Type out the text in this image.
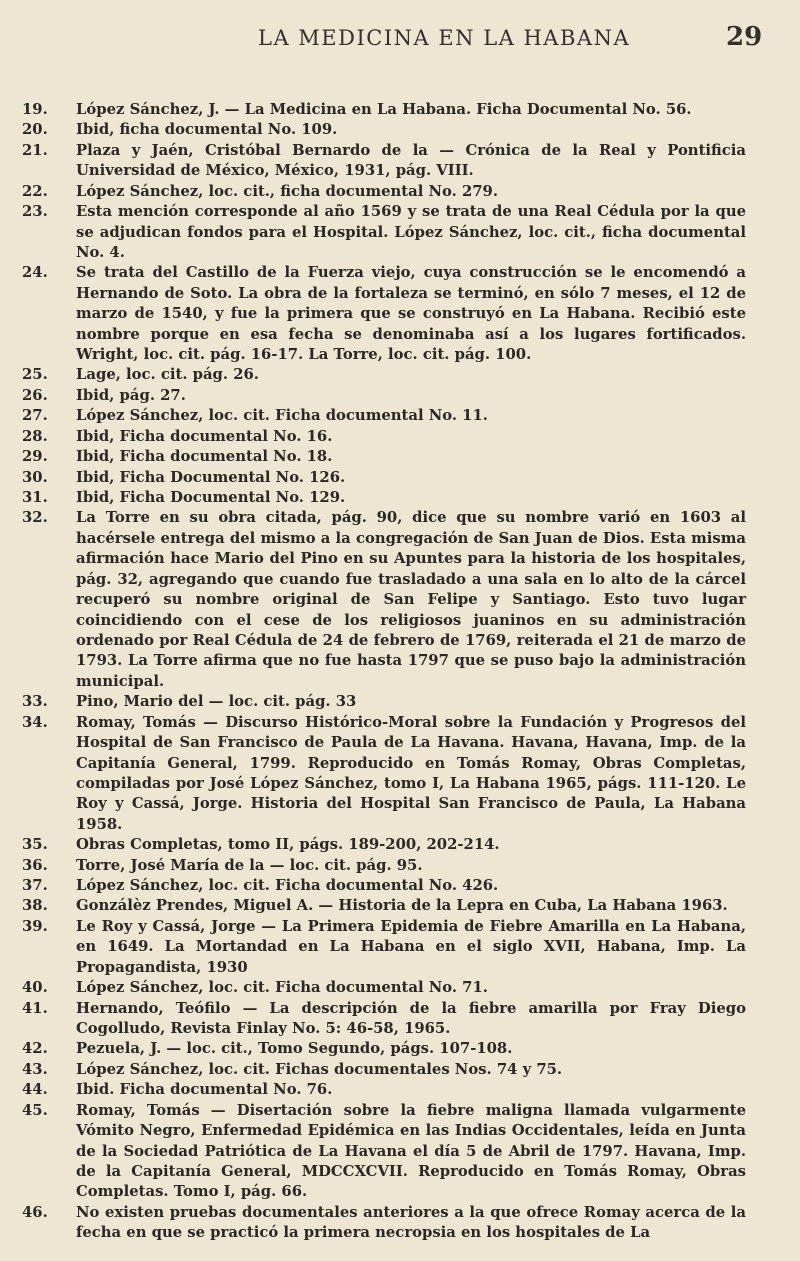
LA MEDICINA EN LA HABANA	29
19.	López Sánchez, J. — La Medicina en La Habana. Ficha Documental No. 56.
20.	Ibid, ficha documental No. 109.
21.	Plaza y Jaén, Cristóbal Bernardo de la — Crónica de la Real y Pontificia Universidad de México, México, 1931, pág. VIII.
22.	López Sánchez, loc. cit., ficha documental No. 279.
23.	Esta mención corresponde al año 1569 y se trata de una Real Cédula por la que se adjudican fondos para el Hospital. López Sánchez, loc. cit., ficha documental No. 4.
24.	Se trata del Castillo de la Fuerza viejo, cuya construcción se le encomendó a Hernando de Soto. La obra de la fortaleza se terminó, en sólo 7 meses, el 12 de marzo de 1540, y fue la primera que se construyó en La Habana. Recibió este nombre porque en esa fecha se denominaba así a los lugares fortificados. Wright, loc. cit. pág. 16-17. La Torre, loc. cit. pág. 100.
25.	Lage, loc. cit. pág. 26.
26.	Ibid, pág. 27.
27.	López Sánchez, loc. cit. Ficha documental No. 11.
28.	Ibid, Ficha documental No. 16.
29.	Ibid, Ficha documental No. 18.
30.	Ibid, Ficha Documental No. 126.
31.	Ibid, Ficha Documental No. 129.
32.	La Torre en su obra citada, pág. 90, dice que su nombre varió en 1603 al hacérsele entrega del mismo a la congregación de San Juan de Dios. Esta misma afirmación hace Mario del Pino en su Apuntes para la historia de los hospitales, pág. 32, agregando que cuando fue trasladado a una sala en lo alto de la cárcel recuperó su nombre original de San Felipe y Santiago. Esto tuvo lugar coincidiendo con el cese de los religiosos juaninos en su administración ordenado por Real Cédula de 24 de febrero de 1769, reiterada el 21 de marzo de 1793. La Torre afirma que no fue hasta 1797 que se puso bajo la administración municipal.
33.	Pino, Mario del — loc. cit. pág. 33
34.	Romay, Tomás — Discurso Histórico-Moral sobre la Fundación y Progresos del Hospital de San Francisco de Paula de La Havana. Havana, Havana, Imp. de la Capitanía General, 1799. Reproducido en Tomás Romay, Obras Completas, compiladas por José López Sánchez, tomo I, La Habana 1965, págs. 111-120. Le Roy y Cassá, Jorge. Historia del Hospital San Francisco de Paula, La Habana 1958.
35.	Obras Completas, tomo II, págs. 189-200, 202-214.
36.	Torre, José María de la — loc. cit. pág. 95.
37.	López Sánchez, loc. cit. Ficha documental No. 426.
38.	Gonzálèz Prendes, Miguel A. — Historia de la Lepra en Cuba, La Habana 1963.
39.	Le Roy y Cassá, Jorge — La Primera Epidemia de Fiebre Amarilla en La Habana, en 1649. La Mortandad en La Habana en el siglo XVII, Habana, Imp. La Propagandista, 1930
40.	López Sánchez, loc. cit. Ficha documental No. 71.
41.	Hernando, Teófilo — La descripción de la fiebre amarilla por Fray Diego Cogolludo, Revista Finlay No. 5: 46-58, 1965.
42.	Pezuela, J. — loc. cit., Tomo Segundo, págs. 107-108.
43.	López Sánchez, loc. cit. Fichas documentales Nos. 74 y 75.
44.	Ibid. Ficha documental No. 76.
45.	Romay, Tomás — Disertación sobre la fiebre maligna llamada vulgarmente Vómito Negro, Enfermedad Epidémica en las Indias Occidentales, leída en Junta de la Sociedad Patriótica de La Havana el día 5 de Abril de 1797. Havana, Imp. de la Capitanía General, MDCCXCVII. Reproducido en Tomás Romay, Obras Completas. Tomo I, pág. 66.
46.	No existen pruebas documentales anteriores a la que ofrece Romay acerca de la fecha en que se practicó la primera necropsia en los hospitales de La
